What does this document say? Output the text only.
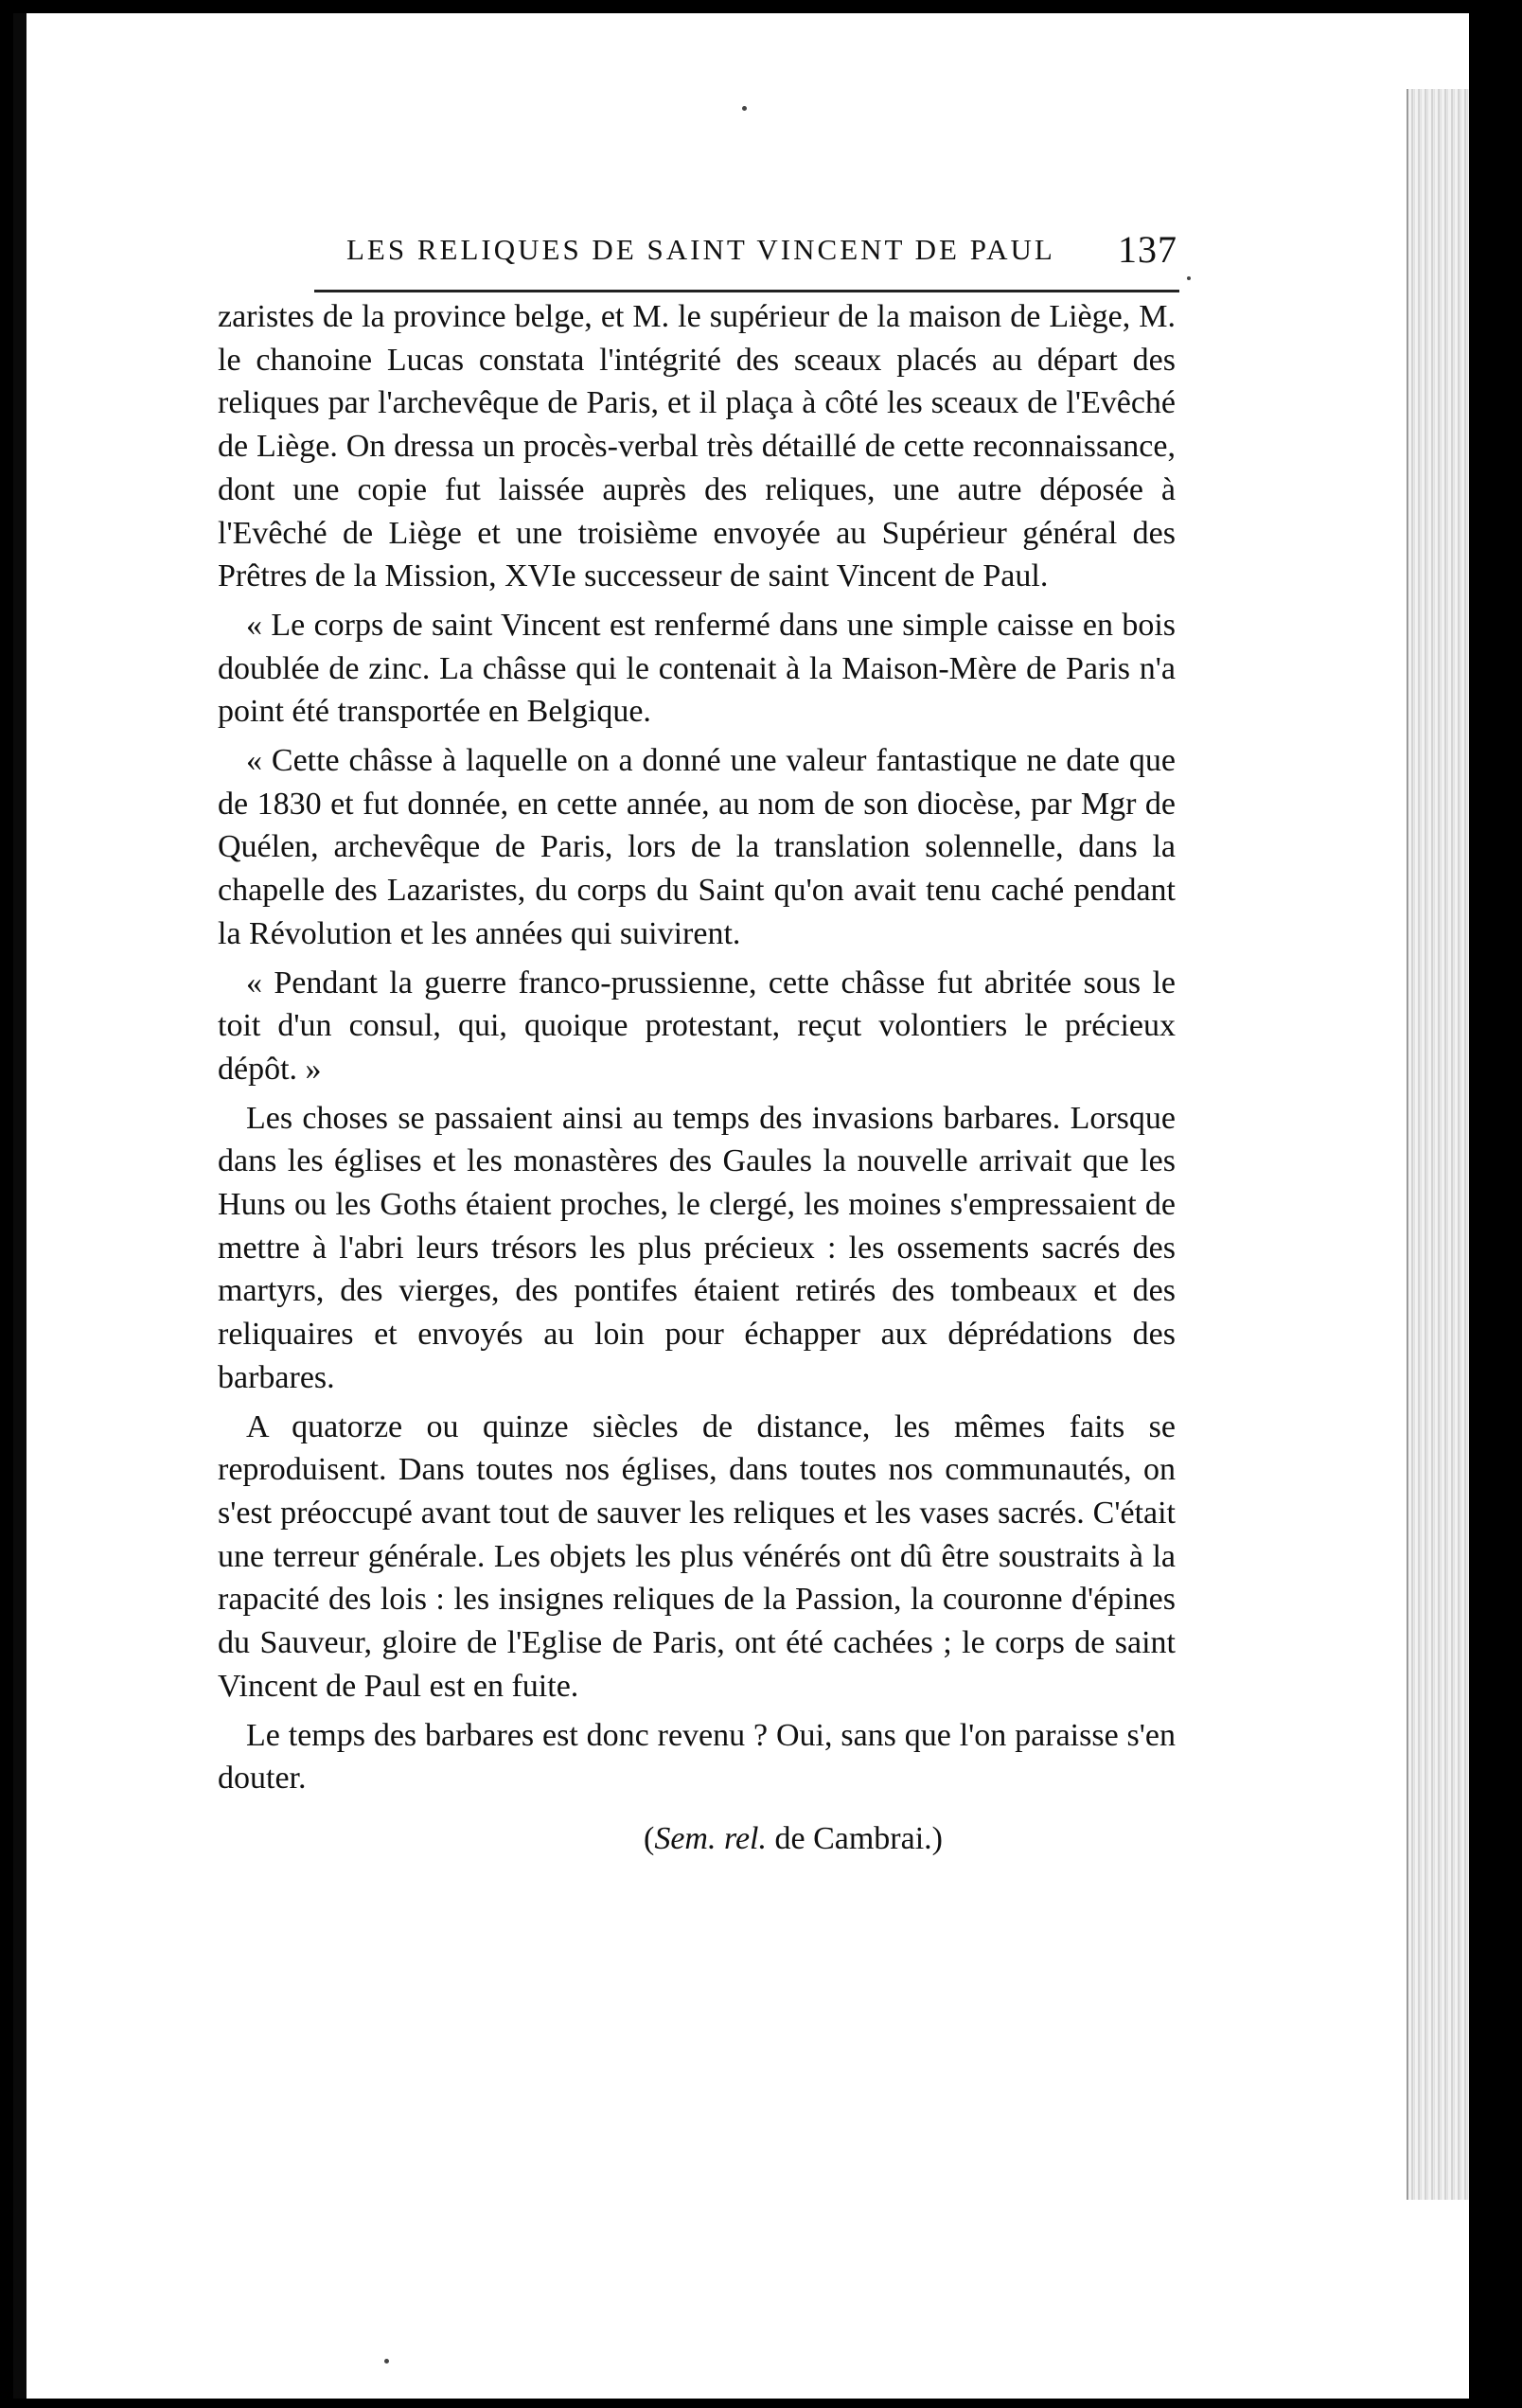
LES RELIQUES DE SAINT VINCENT DE PAUL 137

zaristes de la province belge, et M. le supérieur de la maison de Liège, M. le chanoine Lucas constata l'intégrité des sceaux placés au départ des reliques par l'archevêque de Paris, et il plaça à côté les sceaux de l'Evêché de Liège. On dressa un procès-verbal très détaillé de cette reconnaissance, dont une copie fut laissée auprès des reliques, une autre déposée à l'Evêché de Liège et une troisième envoyée au Supérieur général des Prêtres de la Mission, XVIe successeur de saint Vincent de Paul.

« Le corps de saint Vincent est renfermé dans une simple caisse en bois doublée de zinc. La châsse qui le contenait à la Maison-Mère de Paris n'a point été transportée en Belgique.

« Cette châsse à laquelle on a donné une valeur fantastique ne date que de 1830 et fut donnée, en cette année, au nom de son diocèse, par Mgr de Quélen, archevêque de Paris, lors de la translation solennelle, dans la chapelle des Lazaristes, du corps du Saint qu'on avait tenu caché pendant la Révolution et les années qui suivirent.

« Pendant la guerre franco-prussienne, cette châsse fut abritée sous le toit d'un consul, qui, quoique protestant, reçut volontiers le précieux dépôt. »

Les choses se passaient ainsi au temps des invasions barbares. Lorsque dans les églises et les monastères des Gaules la nouvelle arrivait que les Huns ou les Goths étaient proches, le clergé, les moines s'empressaient de mettre à l'abri leurs trésors les plus précieux : les ossements sacrés des martyrs, des vierges, des pontifes étaient retirés des tombeaux et des reliquaires et envoyés au loin pour échapper aux déprédations des barbares.

A quatorze ou quinze siècles de distance, les mêmes faits se reproduisent. Dans toutes nos églises, dans toutes nos communautés, on s'est préoccupé avant tout de sauver les reliques et les vases sacrés. C'était une terreur générale. Les objets les plus vénérés ont dû être soustraits à la rapacité des lois : les insignes reliques de la Passion, la couronne d'épines du Sauveur, gloire de l'Eglise de Paris, ont été cachées ; le corps de saint Vincent de Paul est en fuite.

Le temps des barbares est donc revenu ? Oui, sans que l'on paraisse s'en douter.

(Sem. rel. de Cambrai.)
